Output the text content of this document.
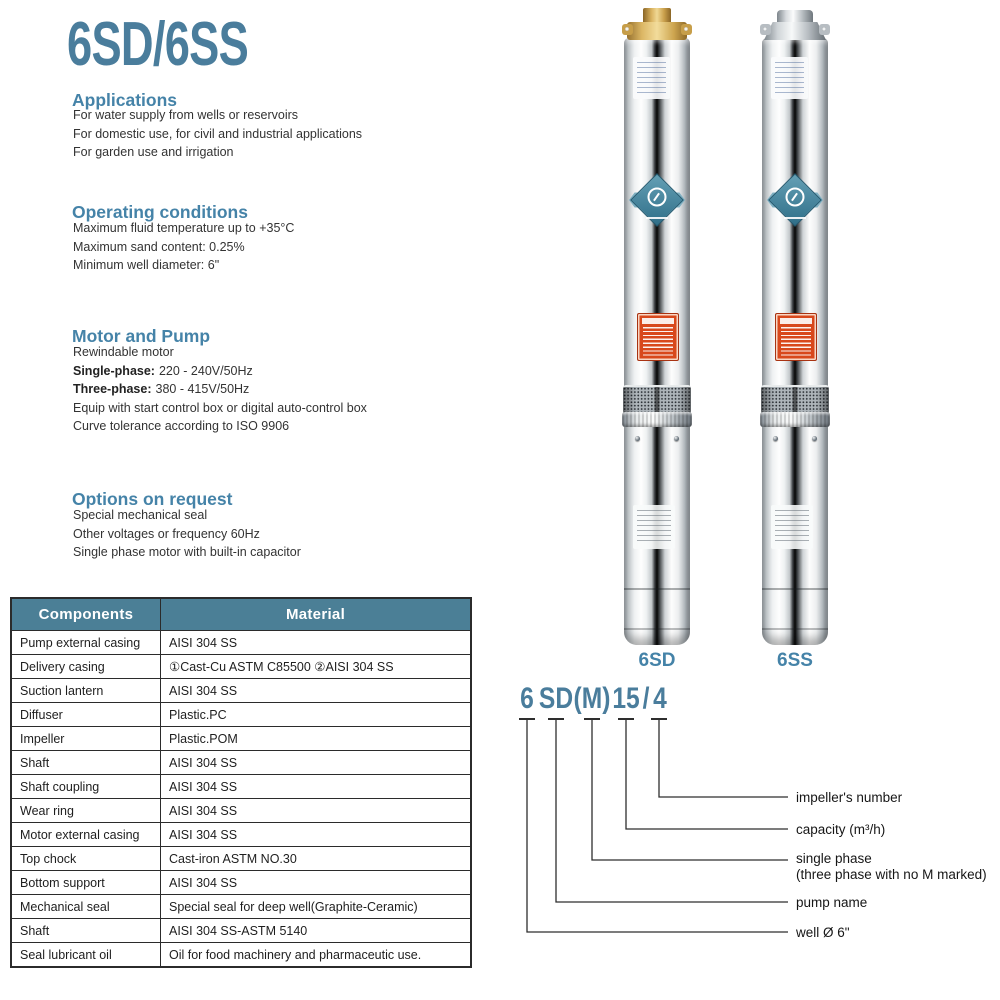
6SD/6SS
Applications
For water supply from wells or reservoirs
For domestic use, for civil and industrial applications
For garden use and irrigation
Operating conditions
Maximum fluid temperature up to +35°C
Maximum sand content: 0.25%
Minimum well diameter: 6"
Motor and Pump
Rewindable motor
Single-phase: 220 - 240V/50Hz
Three-phase: 380 - 415V/50Hz
Equip with start control box or digital auto-control box
Curve tolerance according to ISO 9906
Options on request
Special mechanical seal
Other voltages or frequency 60Hz
Single phase motor with built-in capacitor
Components	Material
Pump external casing	AISI 304 SS
Delivery casing	①Cast-Cu ASTM C85500 ②AISI 304 SS
Suction lantern	AISI 304 SS
Diffuser	Plastic.PC
Impeller	Plastic.POM
Shaft	AISI 304 SS
Shaft coupling	AISI 304 SS
Wear ring	AISI 304 SS
Motor external casing	AISI 304 SS
Top chock	Cast-iron ASTM NO.30
Bottom support	AISI 304 SS
Mechanical seal	Special seal for deep well(Graphite-Ceramic)
Shaft	AISI 304 SS-ASTM 5140
Seal lubricant oil	Oil for food machinery and pharmaceutic use.
6SD	6SS
6 SD (M) 15 / 4
impeller's number
capacity (m³/h)
single phase
(three phase with no M marked)
pump name
well Ø 6"
